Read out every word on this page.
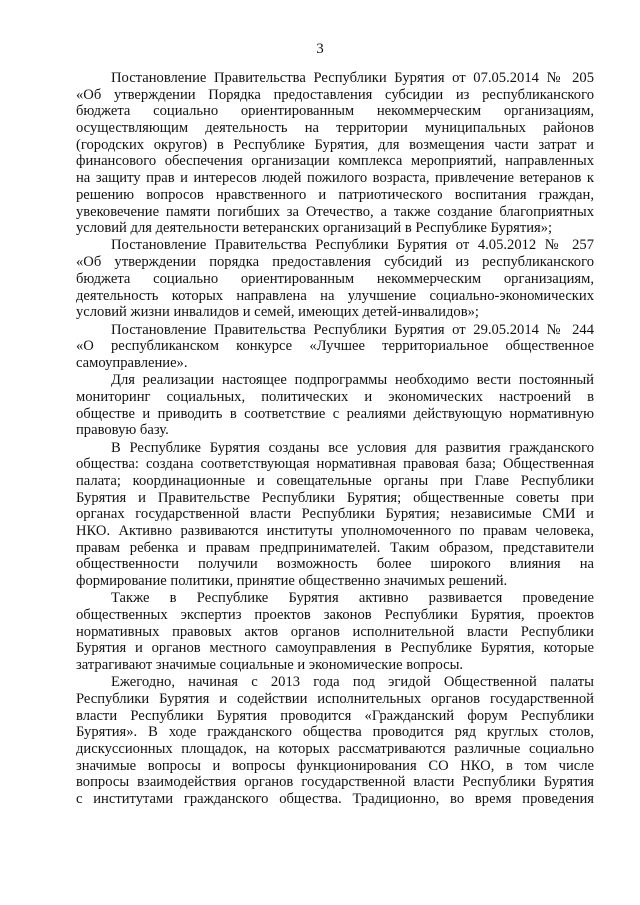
3
Постановление Правительства Республики Бурятия от 07.05.2014 № 205
«Об утверждении Порядка предоставления субсидии из республиканского
бюджета социально ориентированным некоммерческим организациям,
осуществляющим деятельность на территории муниципальных районов
(городских округов) в Республике Бурятия, для возмещения части затрат и
финансового обеспечения организации комплекса мероприятий, направленных
на защиту прав и интересов людей пожилого возраста, привлечение ветеранов к
решению вопросов нравственного и патриотического воспитания граждан,
увековечение памяти погибших за Отечество, а также создание благоприятных
условий для деятельности ветеранских организаций в Республике Бурятия»;
Постановление Правительства Республики Бурятия от 4.05.2012 № 257
«Об утверждении порядка предоставления субсидий из республиканского
бюджета социально ориентированным некоммерческим организациям,
деятельность которых направлена на улучшение социально-экономических
условий жизни инвалидов и семей, имеющих детей-инвалидов»;
Постановление Правительства Республики Бурятия от 29.05.2014 № 244
«О республиканском конкурсе «Лучшее территориальное общественное
самоуправление».
Для реализации настоящее подпрограммы необходимо вести постоянный
мониторинг социальных, политических и экономических настроений в
обществе и приводить в соответствие с реалиями действующую нормативную
правовую базу.
В Республике Бурятия созданы все условия для развития гражданского
общества: создана соответствующая нормативная правовая база; Общественная
палата; координационные и совещательные органы при Главе Республики
Бурятия и Правительстве Республики Бурятия; общественные советы при
органах государственной власти Республики Бурятия; независимые СМИ и
НКО. Активно развиваются институты уполномоченного по правам человека,
правам ребенка и правам предпринимателей. Таким образом, представители
общественности получили возможность более широкого влияния на
формирование политики, принятие общественно значимых решений.
Также в Республике Бурятия активно развивается проведение
общественных экспертиз проектов законов Республики Бурятия, проектов
нормативных правовых актов органов исполнительной власти Республики
Бурятия и органов местного самоуправления в Республике Бурятия, которые
затрагивают значимые социальные и экономические вопросы.
Ежегодно, начиная с 2013 года под эгидой Общественной палаты
Республики Бурятия и содействии исполнительных органов государственной
власти Республики Бурятия проводится «Гражданский форум Республики
Бурятия». В ходе гражданского общества проводится ряд круглых столов,
дискуссионных площадок, на которых рассматриваются различные социально
значимые вопросы и вопросы функционирования СО НКО, в том числе
вопросы взаимодействия органов государственной власти Республики Бурятия
с институтами гражданского общества. Традиционно, во время проведения
